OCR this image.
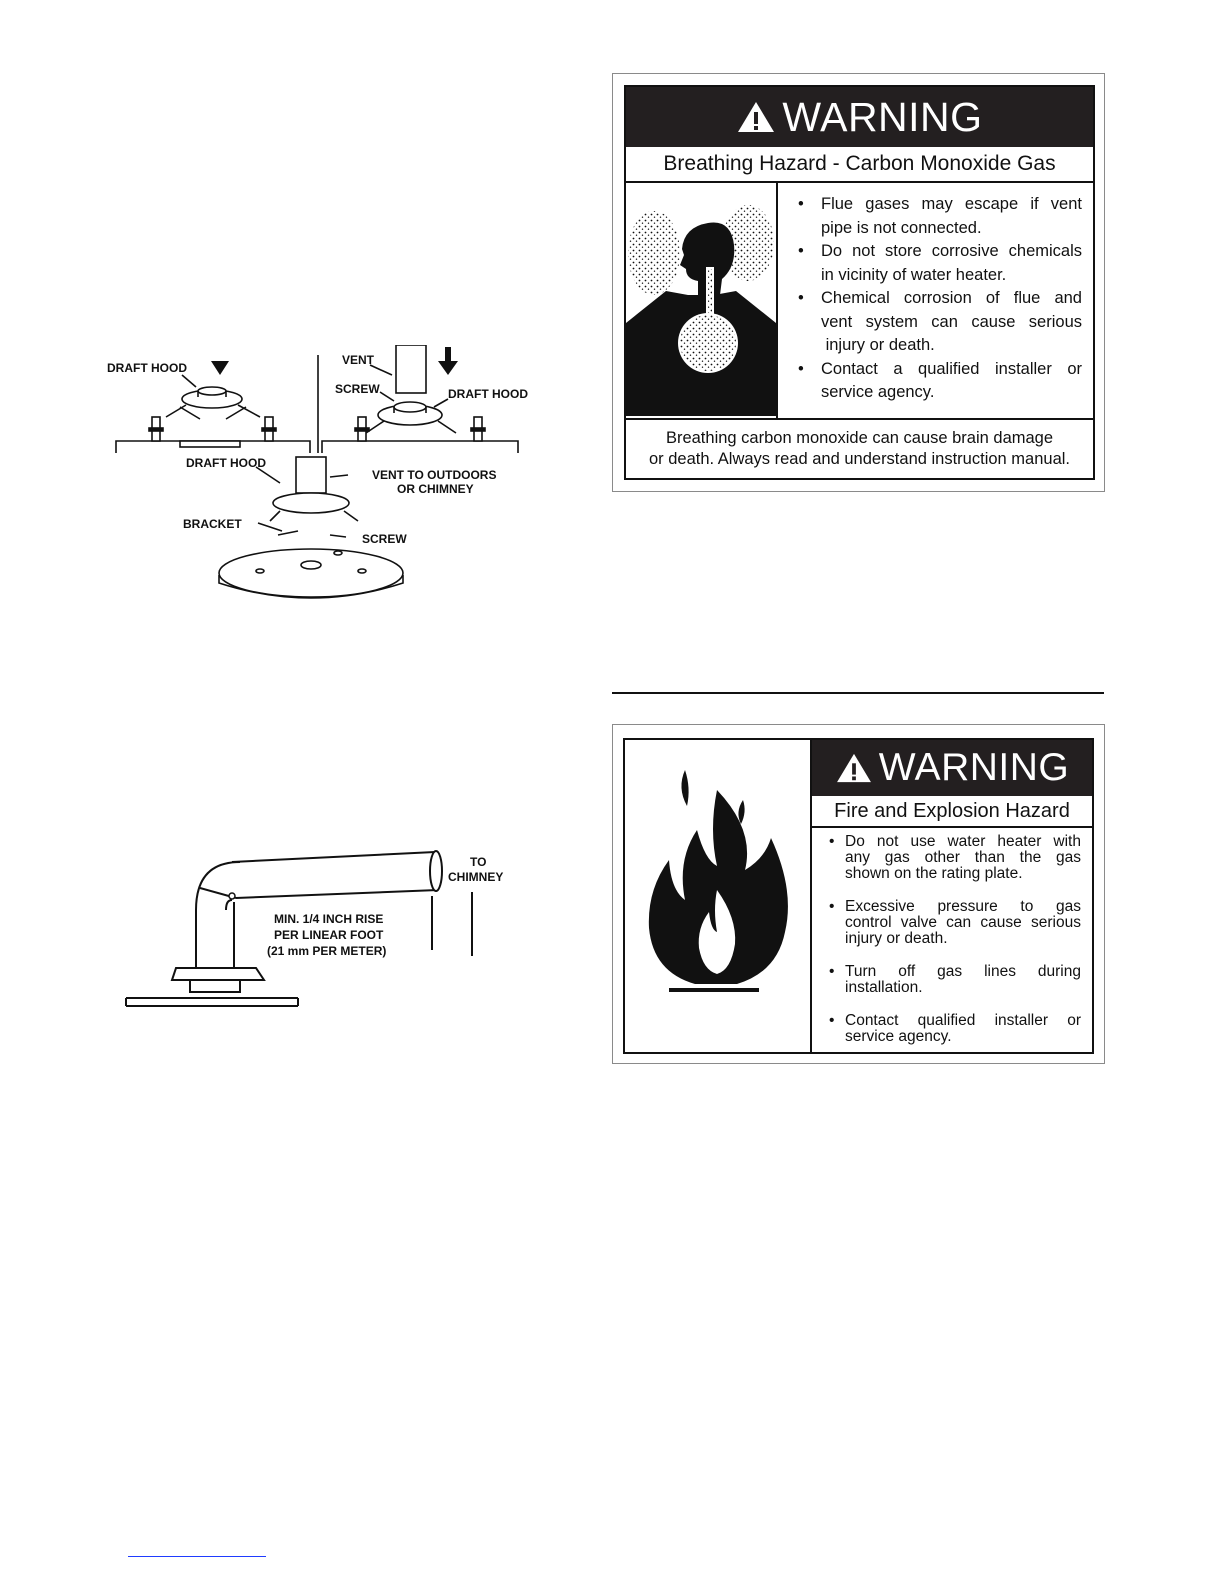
DRAFT HOOD
VENT
SCREW	DRAFT HOOD
DRAFT HOOD
VENT TO OUTDOORS
OR CHIMNEY
BRACKET
SCREW
TO
CHIMNEY
MIN. 1/4 INCH RISE
PER LINEAR FOOT
(21 mm PER METER)
WARNING
Breathing Hazard - Carbon Monoxide Gas
• Flue gases may escape if vent
pipe is not connected.
• Do not store corrosive chemicals
in vicinity of water heater.
• Chemical corrosion of flue and
vent system can cause serious
injury or death.
• Contact a qualified installer or
service agency.
Breathing carbon monoxide can cause brain damage
or death. Always read and understand instruction manual.
WARNING
Fire and Explosion Hazard
• Do not use water heater with
any gas other than the gas
shown on the rating plate.
• Excessive pressure to gas
control valve can cause serious
injury or death.
• Turn off gas lines during
installation.
• Contact qualified installer or
service agency.
